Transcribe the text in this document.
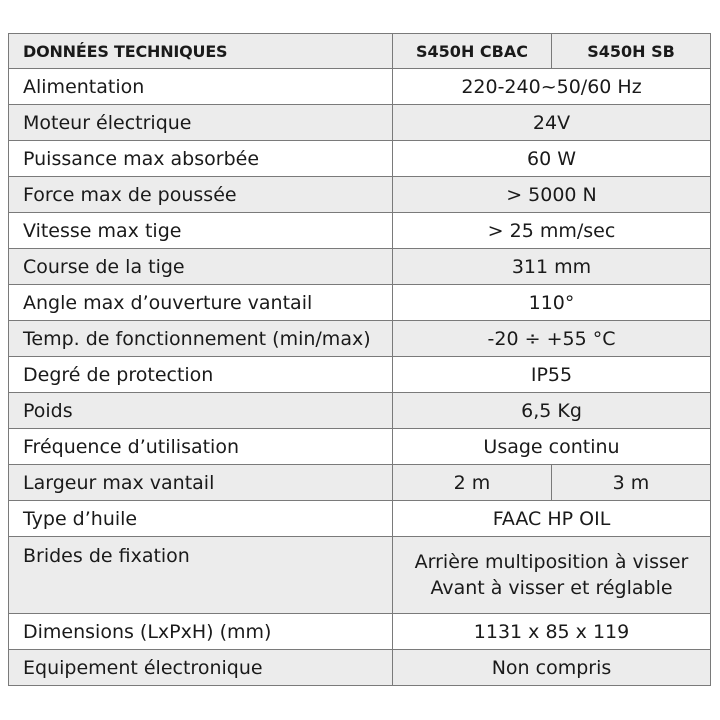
DONNÉES TECHNIQUES	S450H CBAC	S450H SB
Alimentation	220-240~50/60 Hz	
Moteur électrique	24V	
Puissance max absorbée	60 W	
Force max de poussée	> 5000 N	
Vitesse max tige	> 25 mm/sec	
Course de la tige	311 mm	
Angle max d’ouverture vantail	110°	
Temp. de fonctionnement (min/max)	-20 ÷ +55 °C	
Degré de protection	IP55	
Poids	6,5 Kg	
Fréquence d’utilisation	Usage continu	
Largeur max vantail	2 m	3 m
Type d’huile	FAAC HP OIL	
Brides de fixation	Arrière multiposition à visser
Avant à visser et réglable	

Dimensions (LxPxH) (mm)	1131 x 85 x 119	
Equipement électronique	Non compris	
